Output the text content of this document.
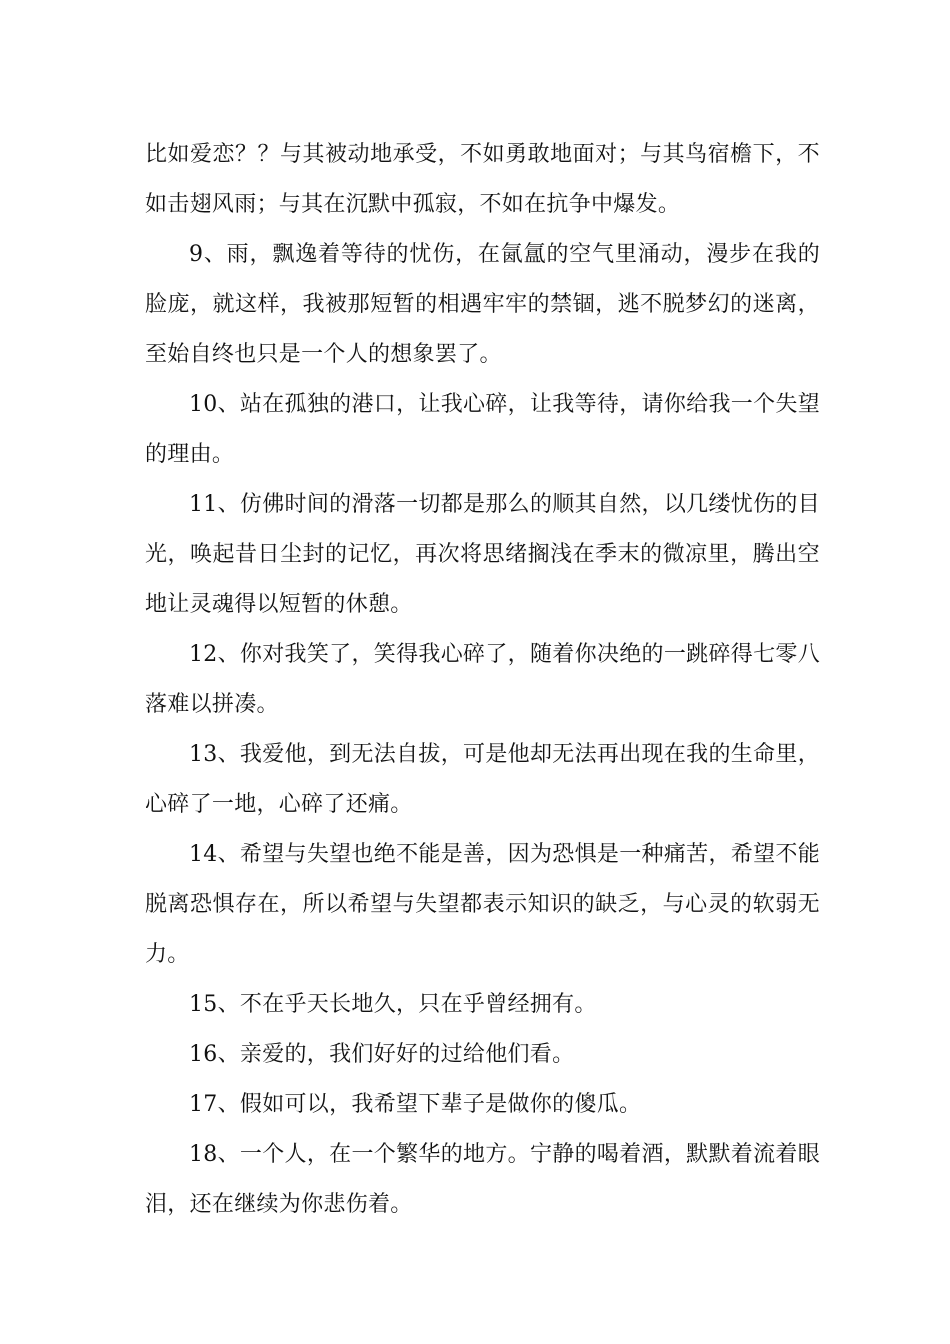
比如爱恋？？与其被动地承受，不如勇敢地面对；与其鸟宿檐下，不如击翅风雨；与其在沉默中孤寂，不如在抗争中爆发。

9、雨，飘逸着等待的忧伤，在氤氲的空气里涌动，漫步在我的脸庞，就这样，我被那短暂的相遇牢牢的禁锢，逃不脱梦幻的迷离，至始自终也只是一个人的想象罢了。

10、站在孤独的港口，让我心碎，让我等待，请你给我一个失望的理由。

11、仿佛时间的滑落一切都是那么的顺其自然，以几缕忧伤的目光，唤起昔日尘封的记忆，再次将思绪搁浅在季末的微凉里，腾出空地让灵魂得以短暂的休憩。

12、你对我笑了，笑得我心碎了，随着你决绝的一跳碎得七零八落难以拼凑。

13、我爱他，到无法自拔，可是他却无法再出现在我的生命里，心碎了一地，心碎了还痛。

14、希望与失望也绝不能是善，因为恐惧是一种痛苦，希望不能脱离恐惧存在，所以希望与失望都表示知识的缺乏，与心灵的软弱无力。

15、不在乎天长地久，只在乎曾经拥有。

16、亲爱的，我们好好的过给他们看。

17、假如可以，我希望下辈子是做你的傻瓜。

18、一个人，在一个繁华的地方。宁静的喝着酒，默默着流着眼泪，还在继续为你悲伤着。
